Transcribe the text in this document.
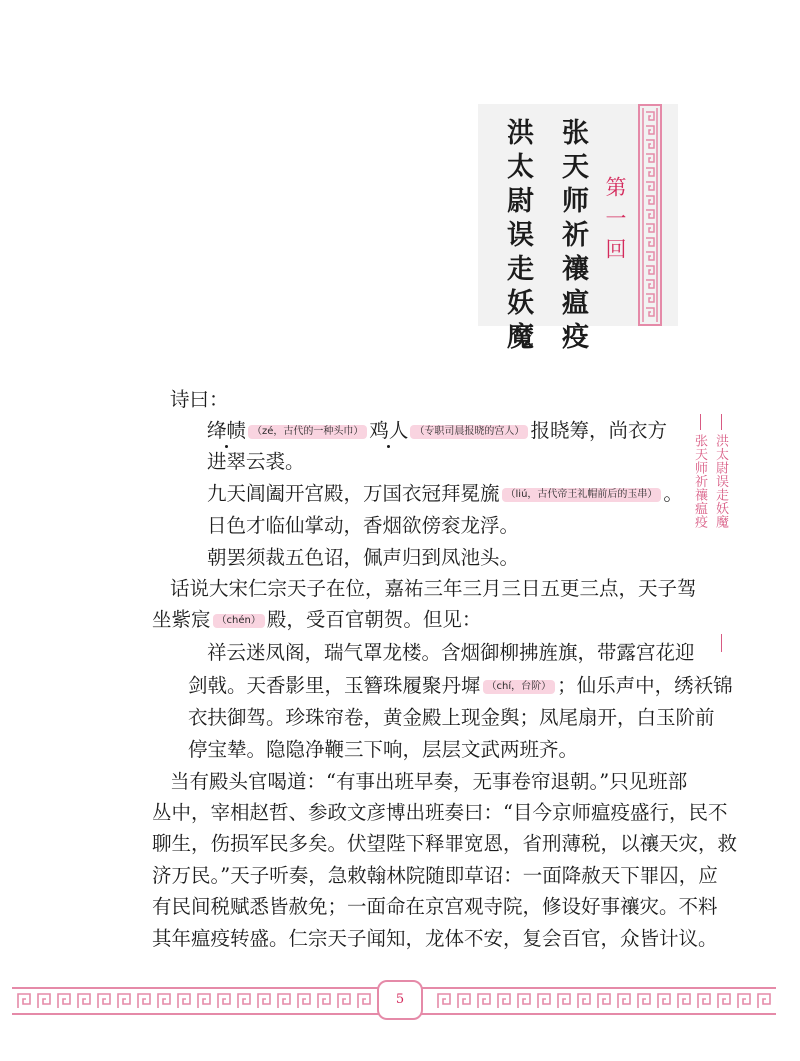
张天师祈禳瘟疫
洪太尉误走妖魔	第一回
张天师祈禳瘟疫 洪太尉误走妖魔
诗曰：
绛帻 （zé，古代的一种头巾） 鸡人 （专职司晨报晓的宫人） 报晓筹，尚衣方
进翠云裘。
九天阊阖开宫殿，万国衣冠拜冕旒 （liú，古代帝王礼帽前后的玉串） 。
日色才临仙掌动，香烟欲傍衮龙浮。
朝罢须裁五色诏，佩声归到凤池头。
话说大宋仁宗天子在位，嘉祐三年三月三日五更三点，天子驾
坐紫宸 （chén） 殿，受百官朝贺。但见：
祥云迷凤阁，瑞气罩龙楼。含烟御柳拂旌旗，带露宫花迎
剑戟。天香影里，玉簪珠履聚丹墀 （chí，台阶） ；仙乐声中，绣袄锦
衣扶御驾。珍珠帘卷，黄金殿上现金舆；凤尾扇开，白玉阶前
停宝辇。隐隐净鞭三下响，层层文武两班齐。
当有殿头官喝道：“有事出班早奏，无事卷帘退朝。”只见班部
丛中，宰相赵哲、参政文彦博出班奏曰：“目今京师瘟疫盛行，民不
聊生，伤损军民多矣。伏望陛下释罪宽恩，省刑薄税，以禳天灾，救
济万民。”天子听奏，急敕翰林院随即草诏：一面降赦天下罪囚，应
有民间税赋悉皆赦免；一面命在京宫观寺院，修设好事禳灾。不料
其年瘟疫转盛。仁宗天子闻知，龙体不安，复会百官，众皆计议。
5
